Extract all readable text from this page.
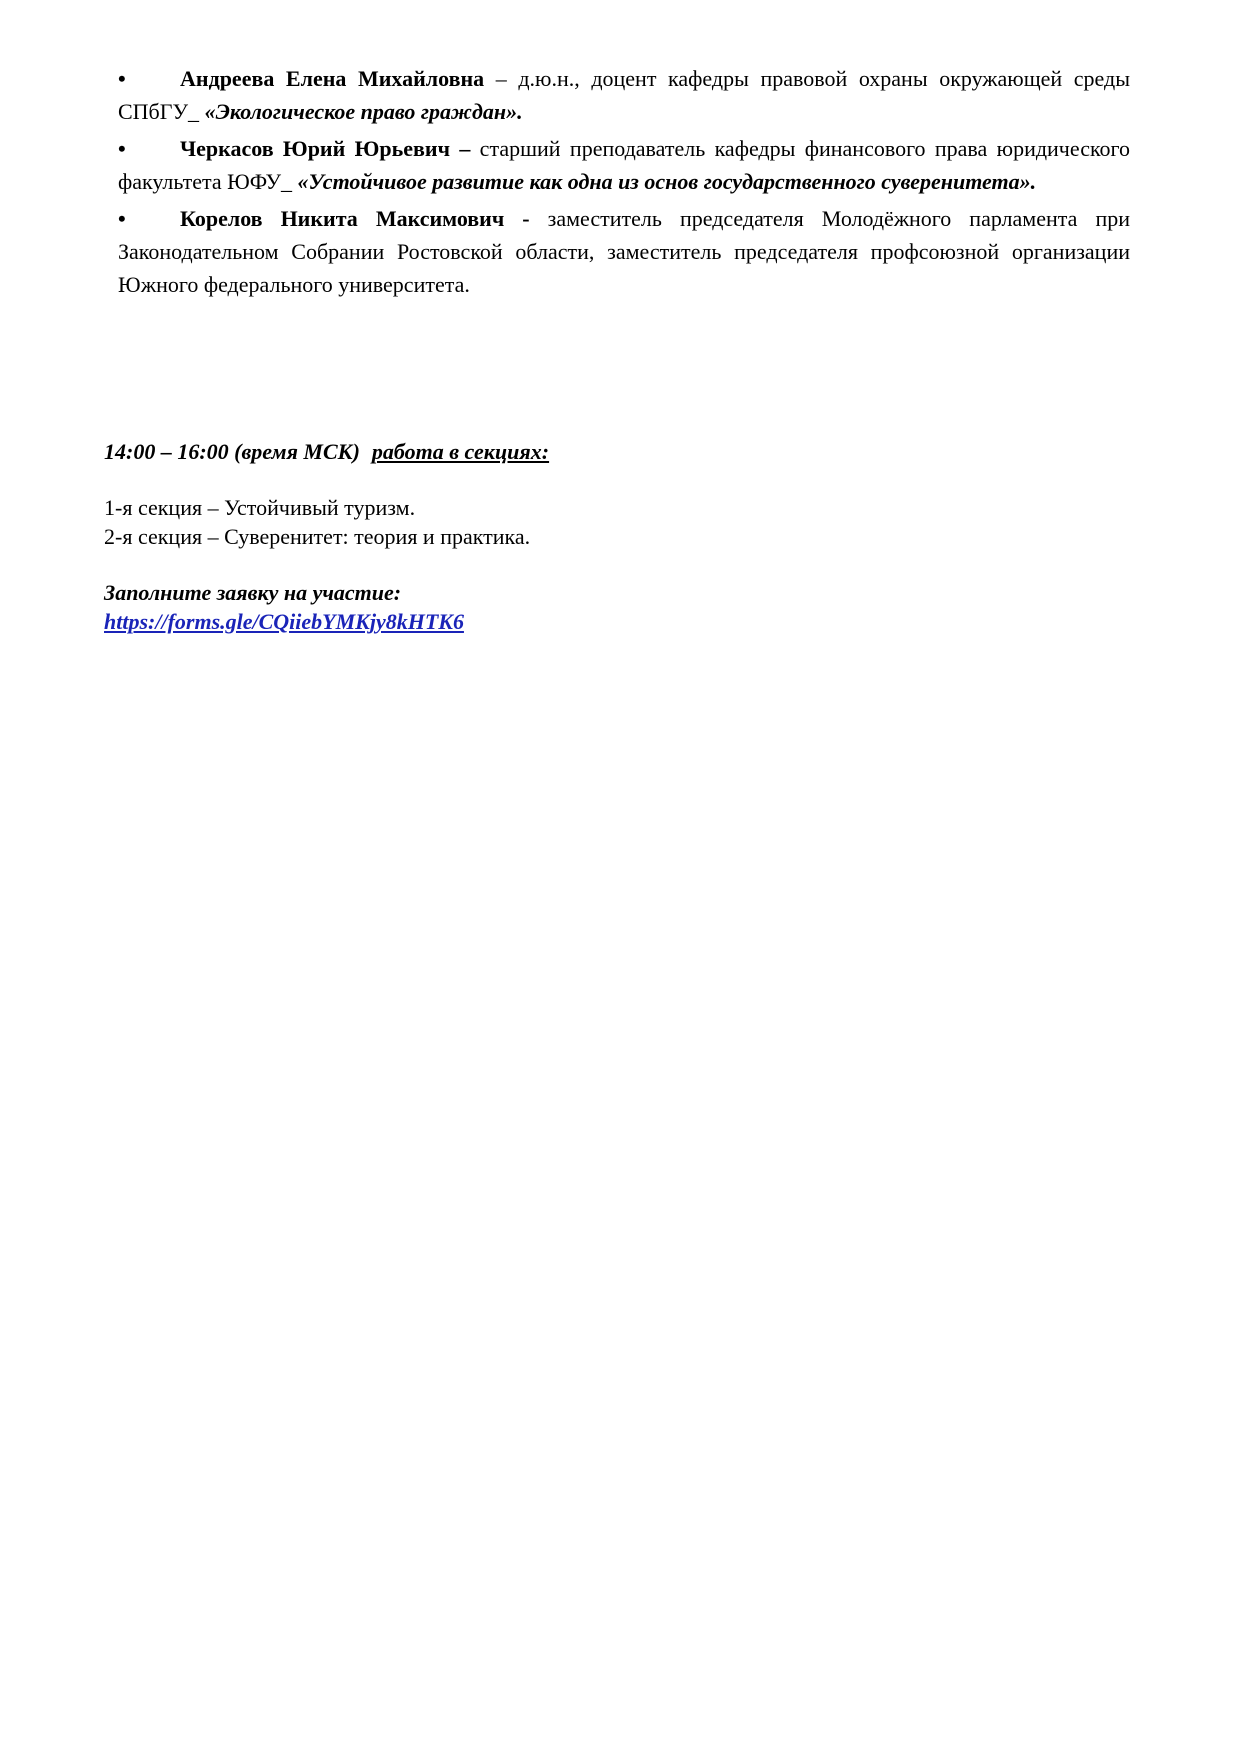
• Андреева Елена Михайловна – д.ю.н., доцент кафедры правовой охраны окружающей среды СПбГУ_ «Экологическое право граждан».

• Черкасов Юрий Юрьевич – старший преподаватель кафедры финансового права юридического факультета ЮФУ_ «Устойчивое развитие как одна из основ государственного суверенитета».

• Корелов Никита Максимович - заместитель председателя Молодёжного парламента при Законодательном Собрании Ростовской области, заместитель председателя профсоюзной организации Южного федерального университета.

14:00 – 16:00 (время МСК) работа в секциях:
1-я секция – Устойчивый туризм.
2-я секция – Суверенитет: теория и практика.
Заполните заявку на участие:
https://forms.gle/CQiiebYMKjy8kHTK6
